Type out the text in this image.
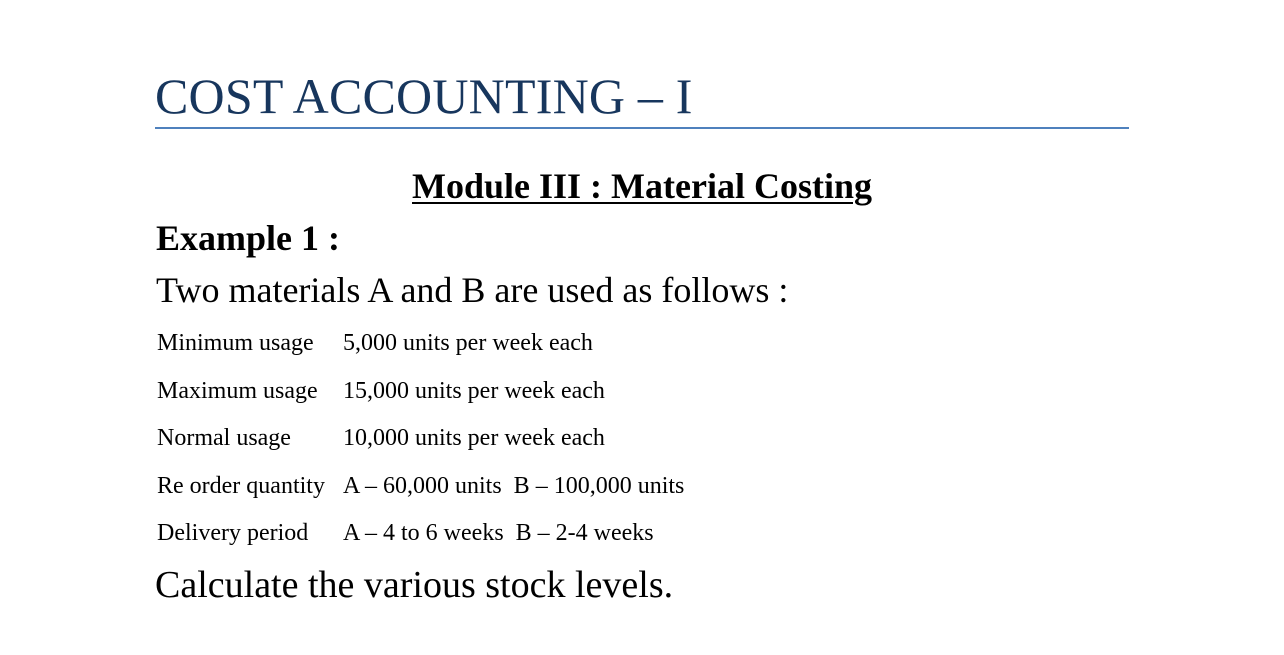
COST ACCOUNTING – I
Module III : Material Costing
Example 1 :

Two materials A and B are used as follows :

Minimum usage	5,000 units per week each
Maximum usage	15,000 units per week each
Normal usage	10,000 units per week each
Re order quantity	A – 60,000 units  B – 100,000 units
Delivery period	A – 4 to 6 weeks  B – 2-4 weeks

Calculate the various stock levels.
